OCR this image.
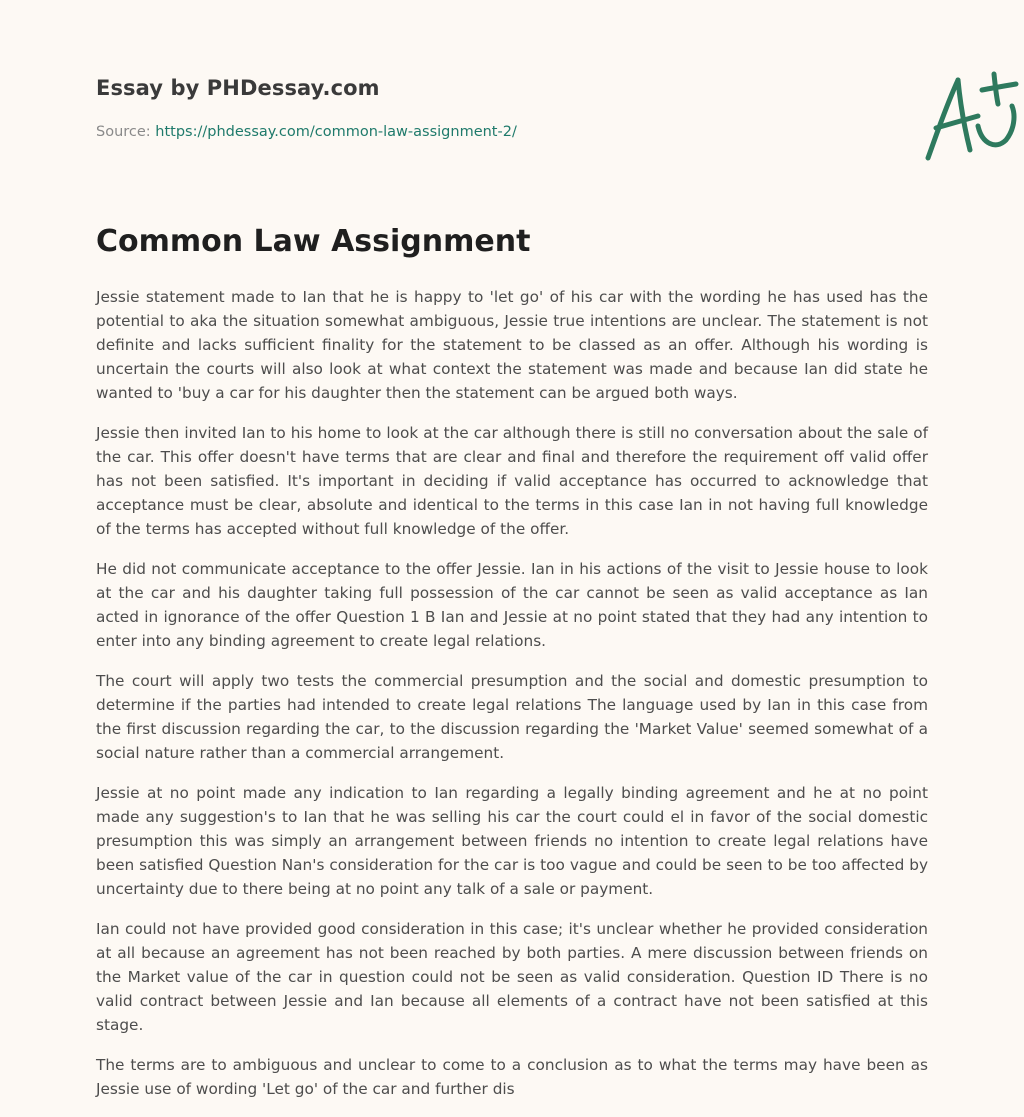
Essay by PHDessay.com
Source: https://phdessay.com/common-law-assignment-2/
Common Law Assignment

Jessie statement made to Ian that he is happy to 'let go' of his car with the wording he has used has the potential to aka the situation somewhat ambiguous, Jessie true intentions are unclear. The statement is not definite and lacks sufficient finality for the statement to be classed as an offer. Although his wording is uncertain the courts will also look at what context the statement was made and because Ian did state he wanted to 'buy a car for his daughter then the statement can be argued both ways.

Jessie then invited Ian to his home to look at the car although there is still no conversation about the sale of the car. This offer doesn't have terms that are clear and final and therefore the requirement off valid offer has not been satisfied. It's important in deciding if valid acceptance has occurred to acknowledge that acceptance must be clear, absolute and identical to the terms in this case Ian in not having full knowledge of the terms has accepted without full knowledge of the offer.

He did not communicate acceptance to the offer Jessie. Ian in his actions of the visit to Jessie house to look at the car and his daughter taking full possession of the car cannot be seen as valid acceptance as Ian acted in ignorance of the offer Question 1 B Ian and Jessie at no point stated that they had any intention to enter into any binding agreement to create legal relations.

The court will apply two tests the commercial presumption and the social and domestic presumption to determine if the parties had intended to create legal relations The language used by Ian in this case from the first discussion regarding the car, to the discussion regarding the 'Market Value' seemed somewhat of a social nature rather than a commercial arrangement.

Jessie at no point made any indication to Ian regarding a legally binding agreement and he at no point made any suggestion's to Ian that he was selling his car the court could el in favor of the social domestic presumption this was simply an arrangement between friends no intention to create legal relations have been satisfied Question Nan's consideration for the car is too vague and could be seen to be too affected by uncertainty due to there being at no point any talk of a sale or payment.

Ian could not have provided good consideration in this case; it's unclear whether he provided consideration at all because an agreement has not been reached by both parties. A mere discussion between friends on the Market value of the car in question could not be seen as valid consideration. Question ID There is no valid contract between Jessie and Ian because all elements of a contract have not been satisfied at this stage.

The terms are to ambiguous and unclear to come to a conclusion as to what the terms may have been as Jessie use of wording 'Let go' of the car and further dis
